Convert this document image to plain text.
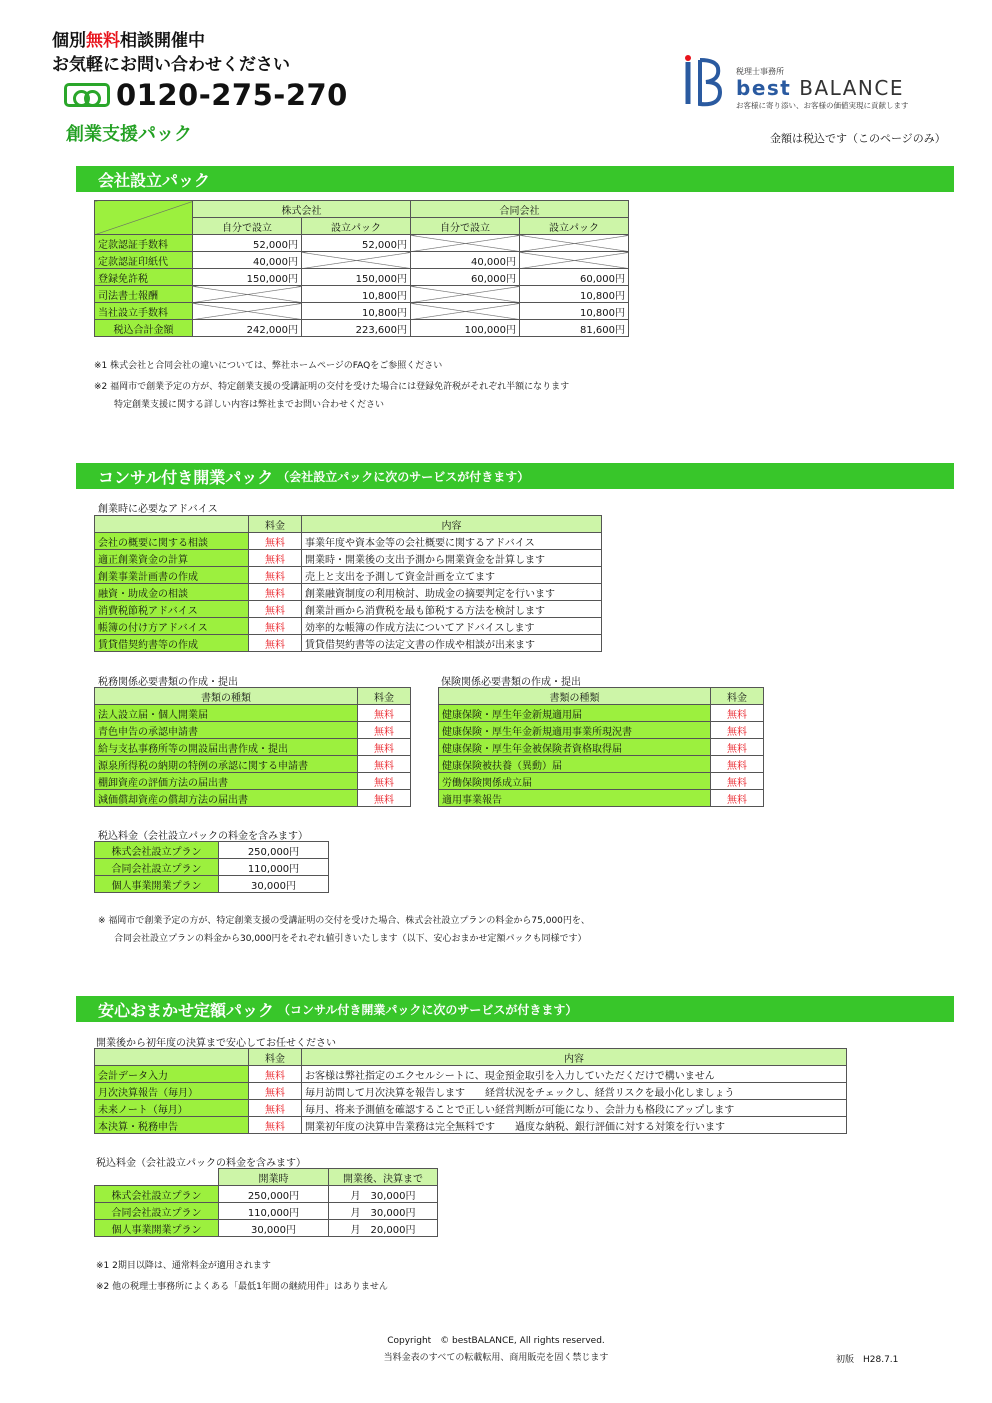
個別無料相談開催中
お気軽にお問い合わせください
0120-275-270
創業支援パック	金額は税込です（このページのみ）
税理士事務所
best BALANCE
お客様に寄り添い、お客様の価値実現に貢献します
会社設立パック
	株式会社		合同会社	
	自分で設立	設立パック	自分で設立	設立パック
定款認証手数料	52,000円	52,000円		
定款認証印紙代	40,000円		40,000円	
登録免許税	150,000円	150,000円	60,000円	60,000円
司法書士報酬		10,800円		10,800円
当社設立手数料		10,800円		10,800円
税込合計金額	242,000円	223,600円	100,000円	81,600円
※1 株式会社と合同会社の違いについては、弊社ホームページのFAQをご参照ください
※2 福岡市で創業予定の方が、特定創業支援の受講証明の交付を受けた場合には登録免許税がそれぞれ半額になります
特定創業支援に関する詳しい内容は弊社までお問い合わせください
コンサル付き開業パック （会社設立パックに次のサービスが付きます）
創業時に必要なアドバイス
	料金	内容
会社の概要に関する相談	無料	事業年度や資本金等の会社概要に関するアドバイス
適正創業資金の計算	無料	開業時・開業後の支出予測から開業資金を計算します
創業事業計画書の作成	無料	売上と支出を予測して資金計画を立てます
融資・助成金の相談	無料	創業融資制度の利用検討、助成金の摘要判定を行います
消費税節税アドバイス	無料	創業計画から消費税を最も節税する方法を検討します
帳簿の付け方アドバイス	無料	効率的な帳簿の作成方法についてアドバイスします
賃貸借契約書等の作成	無料	賃貸借契約書等の法定文書の作成や相談が出来ます
税務関係必要書類の作成・提出
書類の種類	料金
法人設立届・個人開業届	無料
青色申告の承認申請書	無料
給与支払事務所等の開設届出書作成・提出	無料
源泉所得税の納期の特例の承認に関する申請書	無料
棚卸資産の評価方法の届出書	無料
減価償却資産の償却方法の届出書	無料
保険関係必要書類の作成・提出
書類の種類	料金
健康保険・厚生年金新規適用届	無料
健康保険・厚生年金新規適用事業所現況書	無料
健康保険・厚生年金被保険者資格取得届	無料
健康保険被扶養（異動）届	無料
労働保険関係成立届	無料
適用事業報告	無料
税込料金（会社設立パックの料金を含みます）
株式会社設立プラン	250,000円
合同会社設立プラン	110,000円
個人事業開業プラン	30,000円
※ 福岡市で創業予定の方が、特定創業支援の受講証明の交付を受けた場合、株式会社設立プランの料金から75,000円を、
合同会社設立プランの料金から30,000円をそれぞれ値引きいたします（以下、安心おまかせ定額パックも同様です）
安心おまかせ定額パック （コンサル付き開業パックに次のサービスが付きます）
開業後から初年度の決算まで安心してお任せください
	料金	内容
会計データ入力	無料	お客様は弊社指定のエクセルシートに、現金預金取引を入力していただくだけで構いません
月次決算報告（毎月）	無料	毎月訪問して月次決算を報告します　　経営状況をチェックし、経営リスクを最小化しましょう
未来ノート（毎月）	無料	毎月、将来予測値を確認することで正しい経営判断が可能になり、会計力も格段にアップします
本決算・税務申告	無料	開業初年度の決算申告業務は完全無料です　　過度な納税、銀行評価に対する対策を行います
税込料金（会社設立パックの料金を含みます）
	開業時	開業後、決算まで
株式会社設立プラン	250,000円	月　30,000円
合同会社設立プラン	110,000円	月　30,000円
個人事業開業プラン	30,000円	月　20,000円
※1 2期目以降は、通常料金が適用されます
※2 他の税理士事務所によくある「最低1年間の継続用件」はありません
Copyright　© bestBALANCE, All rights reserved.
当料金表のすべての転載転用、商用販売を固く禁じます	初版　H28.7.1
